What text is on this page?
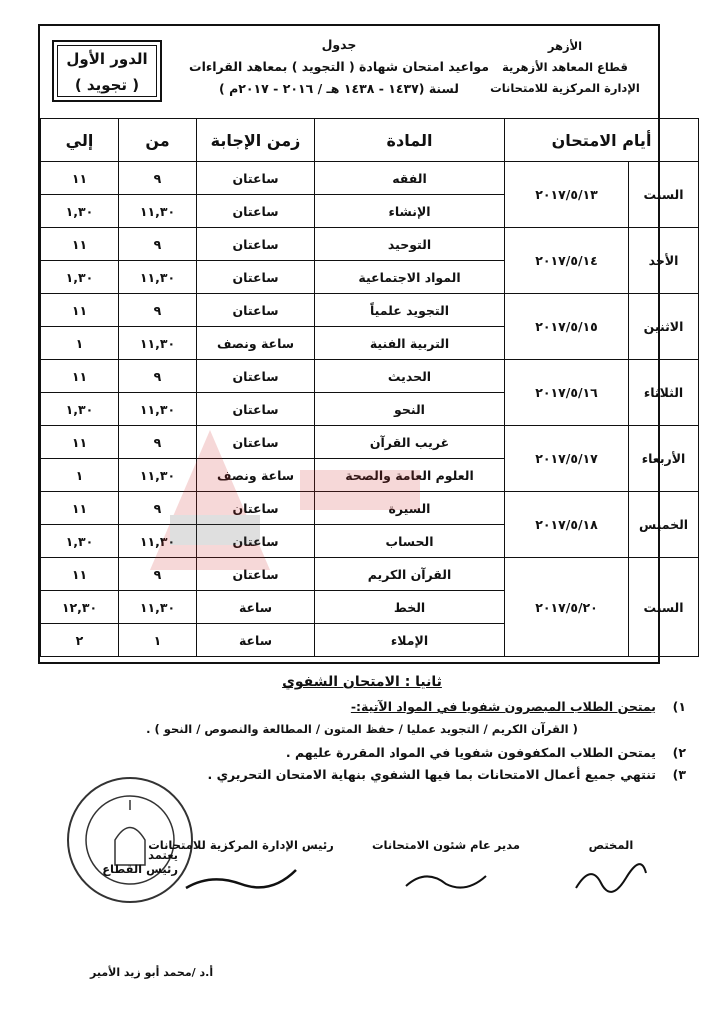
الأزهر
قطاع المعاهد الأزهرية
الإدارة المركزية للامتحانات
جدول
مواعيد امتحان شهادة ( التجويد ) بمعاهد القراءات
لسنة (١٤٣٧ - ١٤٣٨ هـ / ٢٠١٦ - ٢٠١٧م )
الدور الأول
( تجويد )
أيام الامتحان		المادة	زمن الإجابة	من	إلي
السبت	٢٠١٧/٥/١٣	الفقه	ساعتان	٩	١١
		الإنشاء	ساعتان	١١,٣٠	١,٣٠
الأحد	٢٠١٧/٥/١٤	التوحيد	ساعتان	٩	١١
		المواد الاجتماعية	ساعتان	١١,٣٠	١,٣٠
الاثنين	٢٠١٧/٥/١٥	التجويد علمياً	ساعتان	٩	١١
		التربية الفنية	ساعة ونصف	١١,٣٠	١
الثلاثاء	٢٠١٧/٥/١٦	الحديث	ساعتان	٩	١١
		النحو	ساعتان	١١,٣٠	١,٣٠
الأربعاء	٢٠١٧/٥/١٧	غريب القرآن	ساعتان	٩	١١
		العلوم العامة والصحة	ساعة ونصف	١١,٣٠	١
الخميس	٢٠١٧/٥/١٨	السيرة	ساعتان	٩	١١
		الحساب	ساعتان	١١,٣٠	١,٣٠
السبت	٢٠١٧/٥/٢٠	القرآن الكريم	ساعتان	٩	١١
		الخط	ساعة	١١,٣٠	١٢,٣٠
		الإملاء	ساعة	١	٢
ثانيا : الامتحان الشفوي
١)
يمتحن الطلاب المبصرون شفويا في المواد الآتية:-
( القرآن الكريم / التجويد عمليا / حفظ المتون / المطالعة والنصوص / النحو ) .
٢)
يمتحن الطلاب المكفوفون شفويا في المواد المقررة عليهم .
٣)
تنتهي جميع أعمال الامتحانات بما فيها الشفوي بنهاية الامتحان التحريري .
المختص
مدير عام شئون الامتحانات
رئيس الإدارة المركزية للامتحانات
يعتمد
رئيس القطاع
أ.د /محمد أبو زيد الأمير
